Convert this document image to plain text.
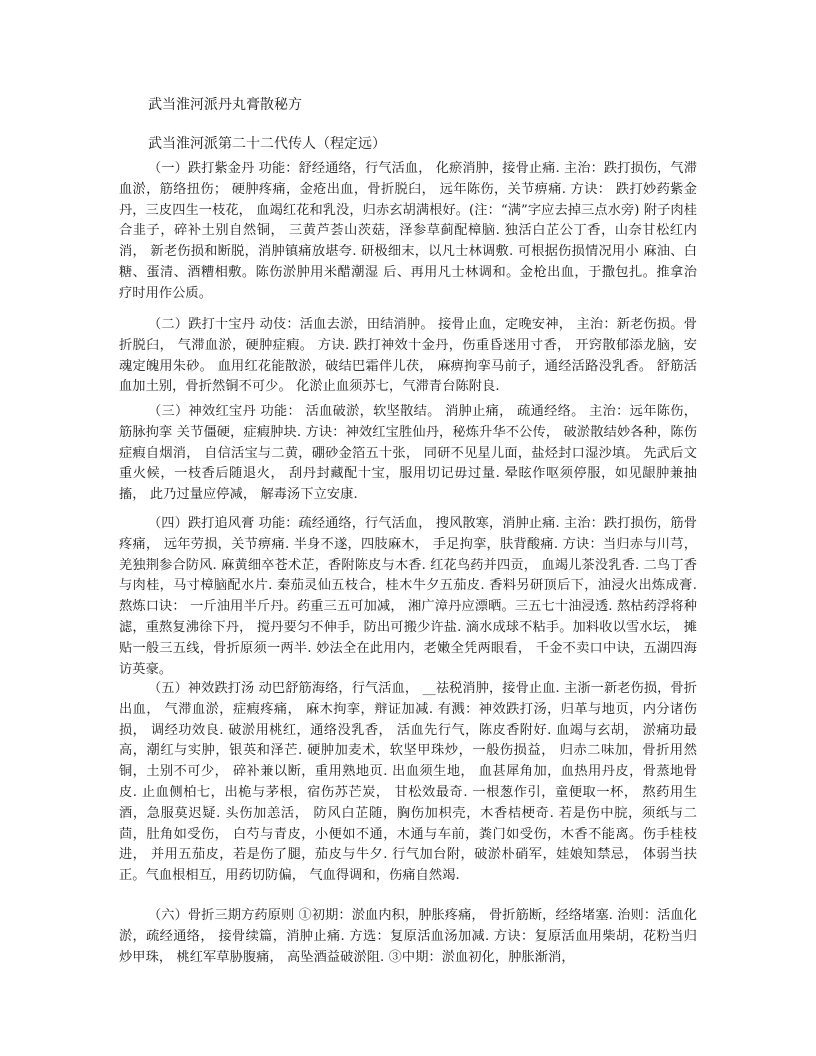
武当淮河派丹丸膏散秘方
武当淮河派第二十二代传人（程定远）

（一）跌打紫金丹 功能：舒经通络，行气活血， 化瘀消肿，接骨止痛. 主治：跌打损伤，气滞血淤，筋络扭伤； 硬肿疼痛，金疮出血，骨折脱臼， 远年陈伤，关节痹痛. 方诀： 跌打妙药紫金丹，三皮四生一枝花， 血竭红花和乳没，归赤玄胡满根好。(注：“满”字应去掉三点水旁) 附子肉桂合韭子，碎补土别自然铜， 三黄芦荟山茨菇，泽参草蓟配樟脑. 独活白芷公丁香，山奈甘松红内消， 新老伤损和断脱，消肿镇痛放堪夸. 研极细末，以凡士林调敷. 可根据伤损情况用小 麻油、白糖、蛋清、酒糟相敷。陈伤淤肿用米醋潮湿 后、再用凡士林调和。金枪出血，于撒包扎。推拿治 疗时用作公质。

（二）跌打十宝丹 动伎：活血去淤，田结消肿。 接骨止血，定晚安神， 主治：新老伤损。骨折脱臼， 气滞血淤，硬肿症瘕。 方诀. 跌打神效十金丹，伤重昏迷用寸香， 开窍散郁添龙脑，安魂定魄用朱砂。 血用红花能散淤，破结巴霜伴儿茯， 麻痹拘挛马前子，通经活路没乳香。 舒筋活血加土别，骨折然铜不可少。 化淤止血须苏七，气滞青台陈附良.

（三）神效红宝丹 功能： 活血破淤，软坚散结。 消肿止痛， 疏通经络。 主治：远年陈伤，筋脉拘挛 关节僵硬，症瘕肿块. 方诀：神效红宝胜仙丹，秘炼升华不公传， 破淤散结妙各种，陈伤症瘕自烟消， 自信活宝与二黄，硼砂金箔五十张， 同研不见星儿面，盐烃封口湿沙填。 先武后文重火候，一枝香后随退火， 刮丹封藏配十宝，服用切记毋过量. 晕眩作呕须停服，如见龈肿兼抽搐， 此乃过量应停减， 解毒汤下立安康.

（四）跌打追风膏 功能：疏经通络，行气活血， 搜风散寒，消肿止痛. 主治：跌打损伤，筋骨疼痛， 远年劳损，关节痹痛. 半身不遂，四肢麻木， 手足拘挛，肤背酸痛. 方诀：当归赤与川芎，羌独荆参合防风. 麻黄细卒苍术芷，香附陈皮与木香. 红花鸟药并四贡， 血竭儿茶没乳香. 二鸟丁香与肉桂，马寸樟脑配水片. 秦茄灵仙五枝合，桂木牛夕五茄皮. 香料另研顶后下，油浸火出炼成膏. 熬炼口诀： 一斤油用半斤丹。药重三五可加减， 湘广漳丹应漂晒。三五七十油浸透. 熬枯药浮将种滤，重熬复沸徐下丹， 搅丹要匀不伸手，防出可搬少许盐. 滴水成球不粘手。加料收以雪水坛， 摊贴一般三五线，骨折原须一两半. 妙法全在此用内，老嫩全凭两眼看， 千金不卖口中诀，五湖四海访英豪。

（五）神效跌打汤 动巴舒筋海络，行气活血， __祛税消肿，接骨止血. 主浙一新老伤损，骨折出血， 气滞血淤，症瘕疼痛， 麻木拘挛，辩证加减. 有溅：神效跌打汤，归革与地页，内分诸伤损， 调经功效良. 破淤用桃红，通络没乳香， 活血先行气，陈皮香附好. 血竭与玄胡， 淤痛功最高，潮红与实肿，银英和泽芒. 硬肿加麦术，软坚甲珠炒，一般伤损益， 归赤二味加，骨折用然铜，土别不可少， 碎补兼以断，重用熟地页. 出血须生地， 血甚犀角加，血热用丹皮，骨蒸地骨皮. 止血侧柏七，出桅与茅根，宿伤苏芒炭， 甘松效最奇. 一根葱作引，童便取一杯， 熬药用生酒，急服莫迟疑. 头伤加恙活， 防风白芷随，胸伤加枳壳，木香桔梗奇. 若是伤中脘，须纸与二茴，肚角如受伤， 白芍与青皮，小便如不通，木通与车前，粪门如受伤，木香不能离。伤手桂枝进， 并用五茄皮，若是伤了腿，茄皮与牛夕. 行气加台附，破淤朴硝军，娃娘知禁忌， 体弱当扶正。气血根相互，用药切防偏， 气血得调和，伤痛自然竭.

（六）骨折三期方药原则 ①初期：淤血内积，肿胀疼痛， 骨折筋断，经络堵塞. 治则：活血化淤，疏经通络， 接骨续篇，消肿止痛. 方选：复原活血汤加减. 方诀：复原活血用柴胡，花粉当归炒甲珠， 桃红军草胁腹痛， 高坠酒益破淤阻. ③中期：淤血初化，肿胀渐消，
